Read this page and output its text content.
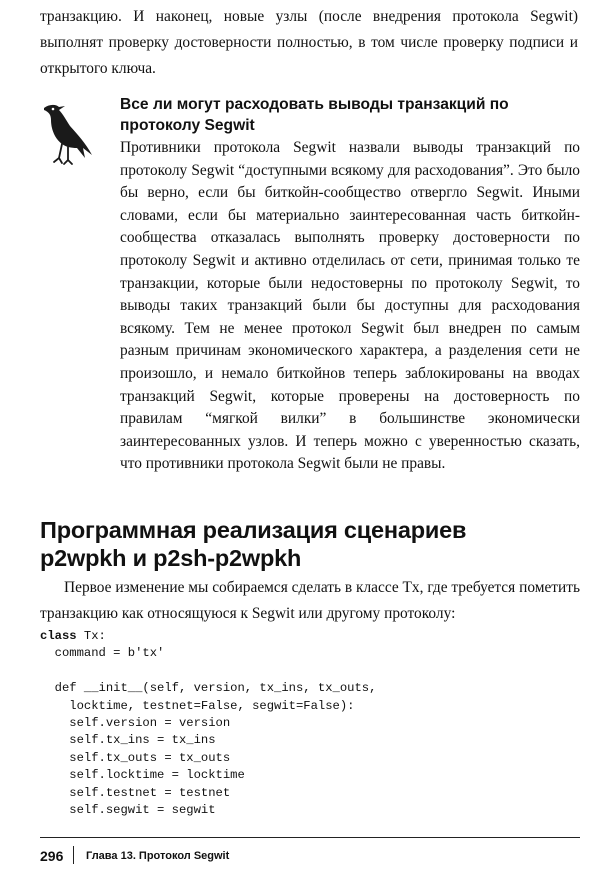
транзакцию. И наконец, новые узлы (после внедрения протокола Segwit) выполнят проверку достоверности полностью, в том числе проверку подписи и открытого ключа.

Все ли могут расходовать выводы транзакций по протоколу Segwit

Противники протокола Segwit назвали выводы транзакций по протоколу Segwit “доступными всякому для расходования”. Это было бы верно, если бы биткойн-сообщество отвергло Segwit. Иными словами, если бы материально заинтересованная часть биткойн-сообщества отказалась выполнять проверку достоверности по протоколу Segwit и активно отделилась от сети, принимая только те транзакции, которые были недостоверны по протоколу Segwit, то выводы таких транзакций были бы доступны для расходования всякому. Тем не менее протокол Segwit был внедрен по самым разным причинам экономического характера, а разделения сети не произошло, и немало биткойнов теперь заблокированы на вводах транзакций Segwit, которые проверены на достоверность по правилам “мягкой вилки” в большинстве экономически заинтересованных узлов. И теперь можно с уверенностью сказать, что противники протокола Segwit были не правы.

Программная реализация сценариев
p2wpkh и p2sh-p2wpkh

Первое изменение мы собираемся сделать в классе Tx, где требуется пометить транзакцию как относящуюся к Segwit или другому протоколу:

class Tx:
command = b'tx'

def __init__(self, version, tx_ins, tx_outs,
locktime, testnet=False, segwit=False):
self.version = version
self.tx_ins = tx_ins
self.tx_outs = tx_outs
self.locktime = locktime
self.testnet = testnet
self.segwit = segwit
296 Глава 13. Протокол Segwit
